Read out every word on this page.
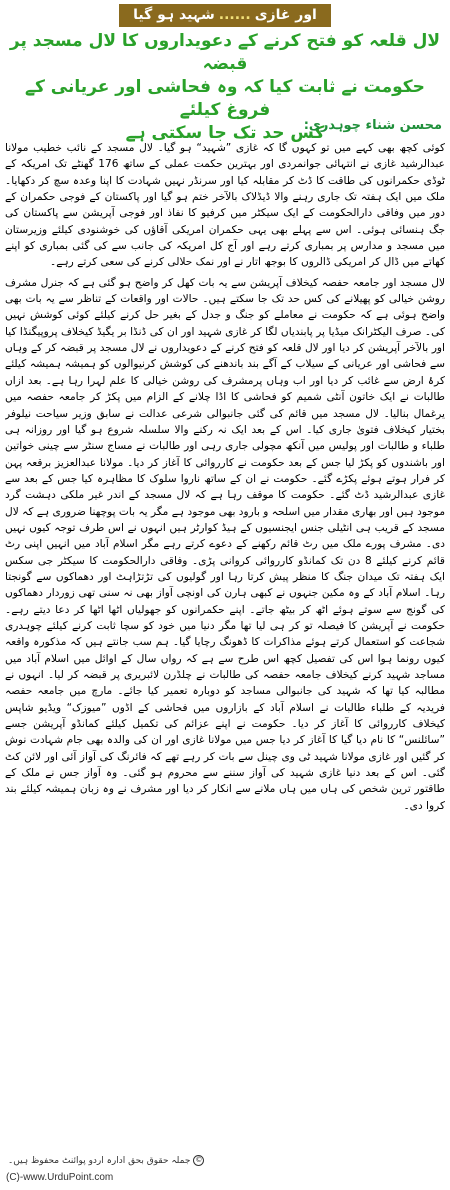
اور غازی......شہید ہو گیا
لال قلعہ کو فتح کرنے کے دعویداروں کا لال مسجد پر قبضہ
حکومت نے ثابت کیا کہ وہ فحاشی اور عریانی کے فروغ کیلئے
کس حد تک جا سکتی ہے
محسن شناء چوہدری:

کوئی کچھ بھی کہے میں تو کہوں گا کہ غازی ”شہید“ ہو گیا۔ لال مسجد کے نائب خطیب مولانا عبدالرشید غازی نے انتہائی جوانمردی اور بہترین حکمت عملی کے ساتھ 176 گھنٹے تک امریکہ کے ٹوڈی حکمرانوں کی طاقت کا ڈٹ کر مقابلہ کیا اور سرنڈر نہیں شہادت کا اپنا وعدہ سچ کر دکھایا۔ ملک میں ایک ہفتہ تک جاری رہنے والا ڈیڈلاک بالآخر ختم ہو گیا اور پاکستان کے فوجی حکمران کے دور میں وفاقی دارالحکومت کے ایک سیکٹر میں کرفیو کا نفاذ اور فوجی آپریشن سے پاکستان کی جگ ہنسائی ہوئی۔ اس سے پہلے بھی یہی حکمران امریکی آقاؤں کی خوشنودی کیلئے وزیرستان میں مسجد و مدارس پر بمباری کرتے رہے اور آج کل امریکہ کی جانب سے کی گئی بمباری کو اپنے کھاتے میں ڈال کر امریکی ڈالروں کا بوجھ اتار نے اور نمک حلالی کرنے کی سعی کرتے رہے۔

لال مسجد اور جامعہ حفصہ کیخلاف آپریشن سے یہ بات کھل کر واضح ہو گئی ہے کہ جنرل مشرف روشن خیالی کو پھیلانے کی کس حد تک جا سکتے ہیں۔ حالات اور واقعات کے تناظر سے یہ بات بھی واضح ہوئی ہے کہ حکومت نے معاملے کو جنگ و جدل کے بغیر حل کرنے کیلئے کوئی کوشش نہیں کی۔ صرف الیکٹرانک میڈیا پر پابندیاں لگا کر غازی شہید اور ان کی ڈنڈا بر یگیڈ کیخلاف پروپیگنڈا کیا اور بالآخر آپریشن کر دیا اور لال قلعہ کو فتح کرنے کے دعویداروں نے لال مسجد پر قبضہ کر کے وہاں سے فحاشی اور عریانی کے سیلاب کے آگے بند باندھنے کی کوشش کرنیوالوں کو ہمیشہ ہمیشہ کیلئے کرۂ ارض سے غائب کر دیا اور اب وہاں پرمشرف کی روشن خیالی کا علم لہرا رہا ہے۔ بعد ازاں طالبات نے ایک خاتون آنٹی شمیم کو فحاشی کا اڈا چلانے کے الزام میں پکڑ کر جامعہ حفصہ میں یرغمال بنالیا۔ لال مسجد میں قائم کی گئی جانبوالی شرعی عدالت نے سابق وزیر سیاحت نیلوفر بختیار کیخلاف فتویٰ جاری کیا۔ اس کے بعد ایک نہ رکنے والا سلسلہ شروع ہو گیا اور روزانہ ہی طلباء و طالبات اور پولیس میں آنکھ مچولی جاری رہی اور طالبات نے مساج سنٹر سے چینی خواتین اور باشندوں کو پکڑ لیا جس کے بعد حکومت نے کارروائی کا آغاز کر دیا۔ مولانا عبدالعزیز برقعہ پہن کر فرار ہوتے ہوئے پکڑے گئے۔ حکومت نے ان کے ساتھ ناروا سلوک کا مظاہرہ کیا جس کے بعد سے غازی عبدالرشید ڈٹ گئے۔ حکومت کا موقف رہا ہے کہ لال مسجد کے اندر غیر ملکی دہشت گرد موجود ہیں اور بھاری مقدار میں اسلحہ و بارود بھی موجود ہے مگر یہ بات پوچھنا ضروری ہے کہ لال مسجد کے قریب ہی انٹیلی جنس ایجنسیوں کے ہیڈ کوارٹر ہیں انہوں نے اس طرف توجہ کیوں نہیں دی۔ مشرف پورے ملک میں رٹ قائم رکھنے کے دعوے کرتے رہے مگر اسلام آباد میں انہیں اپنی رٹ قائم کرنے کیلئے 8 دن تک کمانڈو کارروائی کروانی پڑی۔ وفاقی دارالحکومت کا سیکٹر جی سکس ایک ہفتہ تک میدان جنگ کا منظر پیش کرتا رہا اور گولیوں کی تڑتڑاہٹ اور دھماکوں سے گونجتا رہا۔ اسلام آباد کے وہ مکین جنہوں نے کبھی ہارن کی اونچی آواز بھی نہ سنی تھی زوردار دھماکوں کی گونج سے سوتے ہوئے اٹھ کر بیٹھ جاتے۔ اپنے حکمرانوں کو جھولیاں اٹھا اٹھا کر دعا دیتے رہے۔ حکومت نے آپریشن کا فیصلہ تو کر ہی لیا تھا مگر دنیا میں خود کو سچا ثابت کرنے کیلئے چوہدری شجاعت کو استعمال کرتے ہوئے مذاکرات کا ڈھونگ رچایا گیا۔ ہم سب جانتے ہیں کہ مذکورہ واقعہ کیوں رونما ہوا اس کی تفصیل کچھ اس طرح سے ہے کہ رواں سال کے اوائل میں اسلام آباد میں مساجد شہید کرنے کیخلاف جامعہ حفصہ کی طالبات نے چلڈرن لائبریری پر قبضہ کر لیا۔ انہوں نے مطالبہ کیا تھا کہ شہید کی جانبوالی مساجد کو دوبارہ تعمیر کیا جائے۔ مارچ میں جامعہ حفصہ فریدیہ کے طلباء طالبات نے اسلام آباد کے بازاروں میں فحاشی کے اڈوں ”میوزک“ ویڈیو شاپس کیخلاف کارروائی کا آغاز کر دیا۔ حکومت نے اپنے عزائم کی تکمیل کیلئے کمانڈو آپریشن جسے ”سائلنس“ کا نام دیا گیا کا آغاز کر دیا جس میں مولانا غازی اور ان کی والدہ بھی جام شہادت نوش کر گئیں اور غازی مولانا شہید ٹی وی چینل سے بات کر رہے تھے کہ فائرنگ کی آواز آئی اور لائن کٹ گئی۔ اس کے بعد دنیا غازی شہید کی آواز سننے سے محروم ہو گئی۔ وہ آواز جس نے ملک کے طاقتور ترین شخص کی ہاں میں ہاں ملانے سے انکار کر دیا اور مشرف نے وہ زبان ہمیشہ کیلئے بند کروا دی۔

© جملہ حقوق بحق ادارہ اردو پوائنٹ محفوظ ہیں۔
(C)-www.UrduPoint.com
